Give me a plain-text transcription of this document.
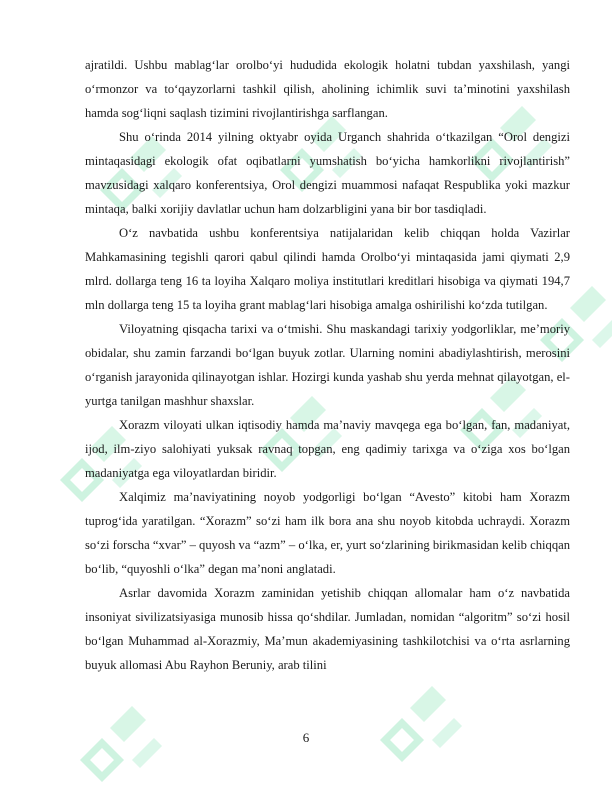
ajratildi. Ushbu mablag‘lar orolbo‘yi hududida ekologik holatni tubdan yaxshilash, yangi o‘rmonzor va to‘qayzorlarni tashkil qilish, aholining ichimlik suvi ta’minotini yaxshilash hamda sog‘liqni saqlash tizimini rivojlantirishga sarflangan.

Shu o‘rinda 2014 yilning oktyabr oyida Urganch shahrida o‘tkazilgan “Orol dengizi mintaqasidagi ekologik ofat oqibatlarni yumshatish bo‘yicha hamkorlikni rivojlantirish” mavzusidagi xalqaro konferentsiya, Orol dengizi muammosi nafaqat Respublika yoki mazkur mintaqa, balki xorijiy davlatlar uchun ham dolzarbligini yana bir bor tasdiqladi.

O‘z navbatida ushbu konferentsiya natijalaridan kelib chiqqan holda Vazirlar Mahkamasining tegishli qarori qabul qilindi hamda Orolbo‘yi mintaqasida jami qiymati 2,9 mlrd. dollarga teng 16 ta loyiha Xalqaro moliya institutlari kreditlari hisobiga va qiymati 194,7 mln dollarga teng 15 ta loyiha grant mablag‘lari hisobiga amalga oshirilishi ko‘zda tutilgan.

Viloyatning qisqacha tarixi va o‘tmishi. Shu maskandagi tarixiy yodgorliklar, me’moriy obidalar, shu zamin farzandi bo‘lgan buyuk zotlar. Ularning nomini abadiylashtirish, merosini o‘rganish jarayonida qilinayotgan ishlar. Hozirgi kunda yashab shu yerda mehnat qilayotgan, el-yurtga tanilgan mashhur shaxslar.

Xorazm viloyati ulkan iqtisodiy hamda ma’naviy mavqega ega bo‘lgan, fan, madaniyat, ijod, ilm-ziyo salohiyati yuksak ravnaq topgan, eng qadimiy tarixga va o‘ziga xos bo‘lgan madaniyatga ega viloyatlardan biridir.

Xalqimiz ma’naviyatining noyob yodgorligi bo‘lgan “Avesto” kitobi ham Xorazm tuprog‘ida yaratilgan. “Xorazm” so‘zi ham ilk bora ana shu noyob kitobda uchraydi. Xorazm so‘zi forscha “xvar” – quyosh va “azm” – o‘lka, er, yurt so‘zlarining birikmasidan kelib chiqqan bo‘lib, “quyoshli o‘lka” degan ma’noni anglatadi.

Asrlar davomida Xorazm zaminidan yetishib chiqqan allomalar ham o‘z navbatida insoniyat sivilizatsiyasiga munosib hissa qo‘shdilar. Jumladan, nomidan “algoritm” so‘zi hosil bo‘lgan Muhammad al-Xorazmiy, Ma’mun akademiyasining tashkilotchisi va o‘rta asrlarning buyuk allomasi Abu Rayhon Beruniy, arab tilini

6
